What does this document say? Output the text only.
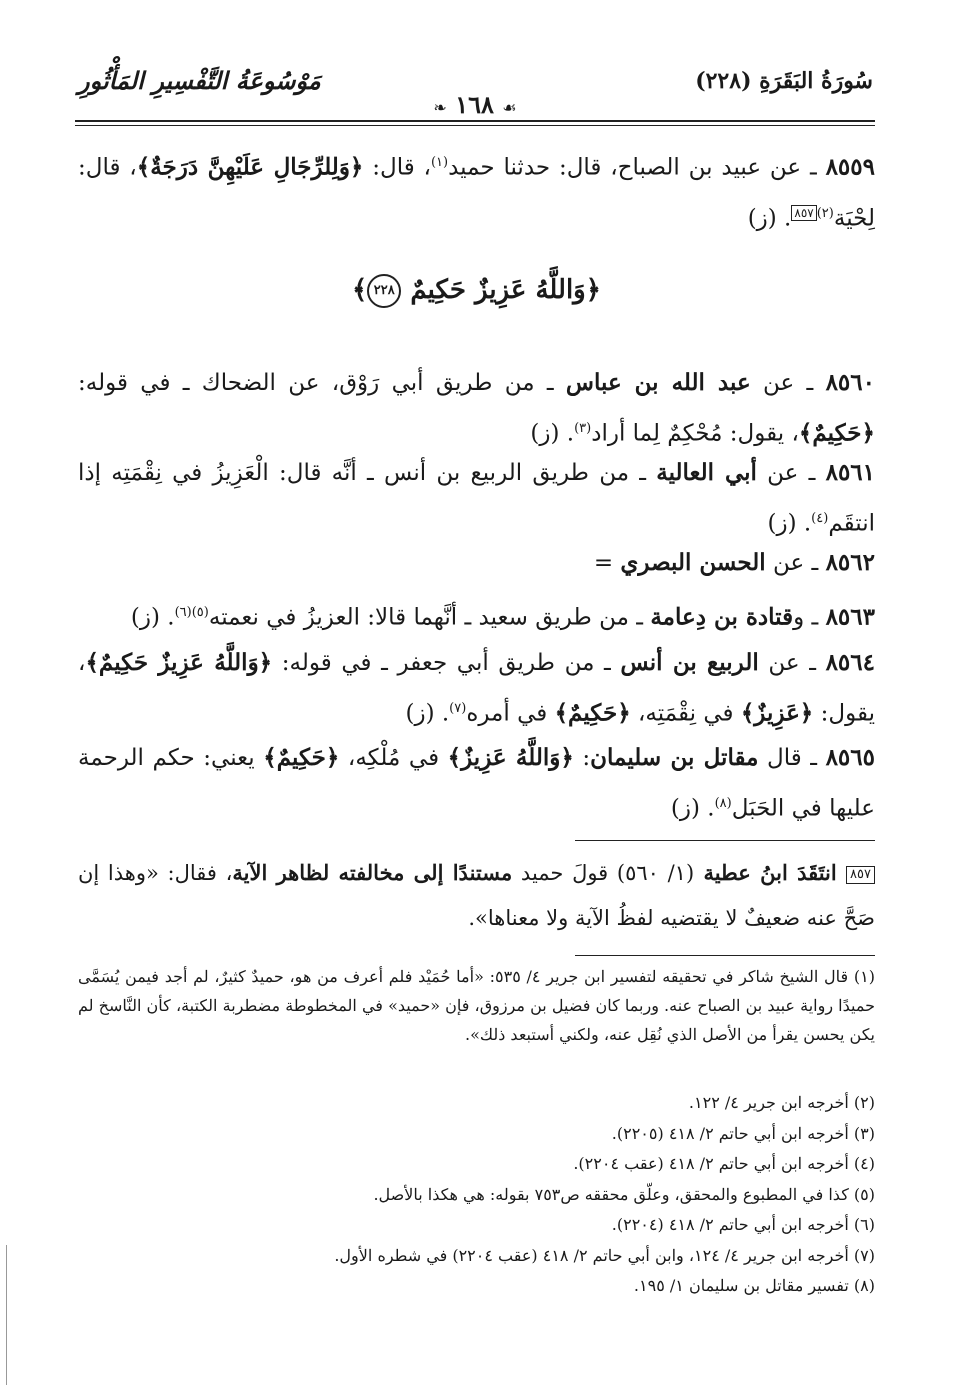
سُورَةُ البَقَرَةِ (٢٢٨)
مَوْسُوعَةُ التَّفْسِيرِ المَأْثُورِ
❧ ١٦٨ ☙
٨٥٥٩ ـ عن عبيد بن الصباح، قال: حدثنا حميد$^{(١)}$، قال: ﴿وَلِلرِّجَالِ عَلَيْهِنَّ دَرَجَةٌ﴾، قال: لِحْيَة$^{(٢)}$٨٥٧. (ز)
﴿وَاللَّهُ عَزِيزٌ حَكِيمٌ ٢٢٨﴾
٨٥٦٠ ـ عن عبد الله بن عباس ـ من طريق أبي رَوْق، عن الضحاك ـ في قوله: ﴿حَكِيمٌ﴾، يقول: مُحْكِمٌ لِما أراد$^{(٣)}$. (ز)
٨٥٦١ ـ عن أبي العالية ـ من طريق الربيع بن أنس ـ أنَّه قال: الْعَزِيزُ في نِقْمَتِه إذا انتقَم$^{(٤)}$. (ز)
٨٥٦٢ ـ عن الحسن البصري =
٨٥٦٣ ـ وقتادة بن دِعامة ـ من طريق سعيد ـ أنَّهما قالا: العزيزُ في نعمته$^{(٥)(٦)}$. (ز)
٨٥٦٤ ـ عن الربيع بن أنس ـ من طريق أبي جعفر ـ في قوله: ﴿وَاللَّهُ عَزِيزٌ حَكِيمٌ﴾، يقول: ﴿عَزِيزٌ﴾ في نِقْمَتِه، ﴿حَكِيمٌ﴾ في أمره$^{(٧)}$. (ز)
٨٥٦٥ ـ قال مقاتل بن سليمان: ﴿وَاللَّهُ عَزِيزٌ﴾ في مُلْكِه، ﴿حَكِيمٌ﴾ يعني: حكم الرحمة عليها في الحَبَل$^{(٨)}$. (ز)
٨٥٧ انتَقَدَ ابنُ عطية (١/ ٥٦٠) قولَ حميد مستندًا إلى مخالفته لظاهر الآية، فقال: «وهذا إن صَحَّ عنه ضعيفٌ لا يقتضيه لفظُ الآية ولا معناها».
(١) قال الشيخ شاكر في تحقيقه لتفسير ابن جرير ٤/ ٥٣٥: «أما حُمَيْد فلم أعرف من هو، حميدٌ كثيرٌ، لم أجد فيمن يُسَمَّى حميدًا رواية عبيد بن الصباح عنه. وربما كان فضيل بن مرزوق، فإن «حميد» في المخطوطة مضطربة الكتبة، كأن النَّاسخ لم يكن يحسن يقرأ من الأصل الذي نُقِل عنه، ولكني أستبعد ذلك».
(٢) أخرجه ابن جرير ٤/ ١٢٢.
(٣) أخرجه ابن أبي حاتم ٢/ ٤١٨ (٢٢٠٥).
(٤) أخرجه ابن أبي حاتم ٢/ ٤١٨ (عقب ٢٢٠٤).
(٥) كذا في المطبوع والمحقق، وعلّق محققه ص٧٥٣ بقوله: هي هكذا بالأصل.
(٦) أخرجه ابن أبي حاتم ٢/ ٤١٨ (٢٢٠٤).
(٧) أخرجه ابن جرير ٤/ ١٢٤، وابن أبي حاتم ٢/ ٤١٨ (عقب ٢٢٠٤) في شطره الأول.
(٨) تفسير مقاتل بن سليمان ١/ ١٩٥.
